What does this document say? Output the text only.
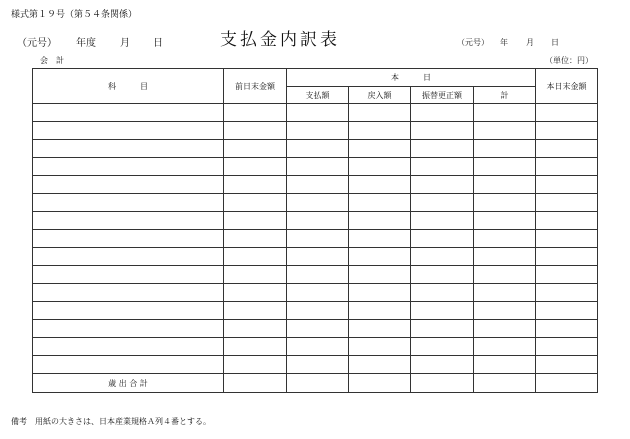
様式第１９号（第５４条関係）
（元号） 年度 月 日	支払金内訳表	（元号） 年 月 日
会　計	（単位：円）
科　　　目	前日末金額	本　　　日				本日末金額
		支払額	戻入額	振替更正額	計	

歳 出 合 計						
備考　用紙の大きさは、日本産業規格Ａ列４番とする。
